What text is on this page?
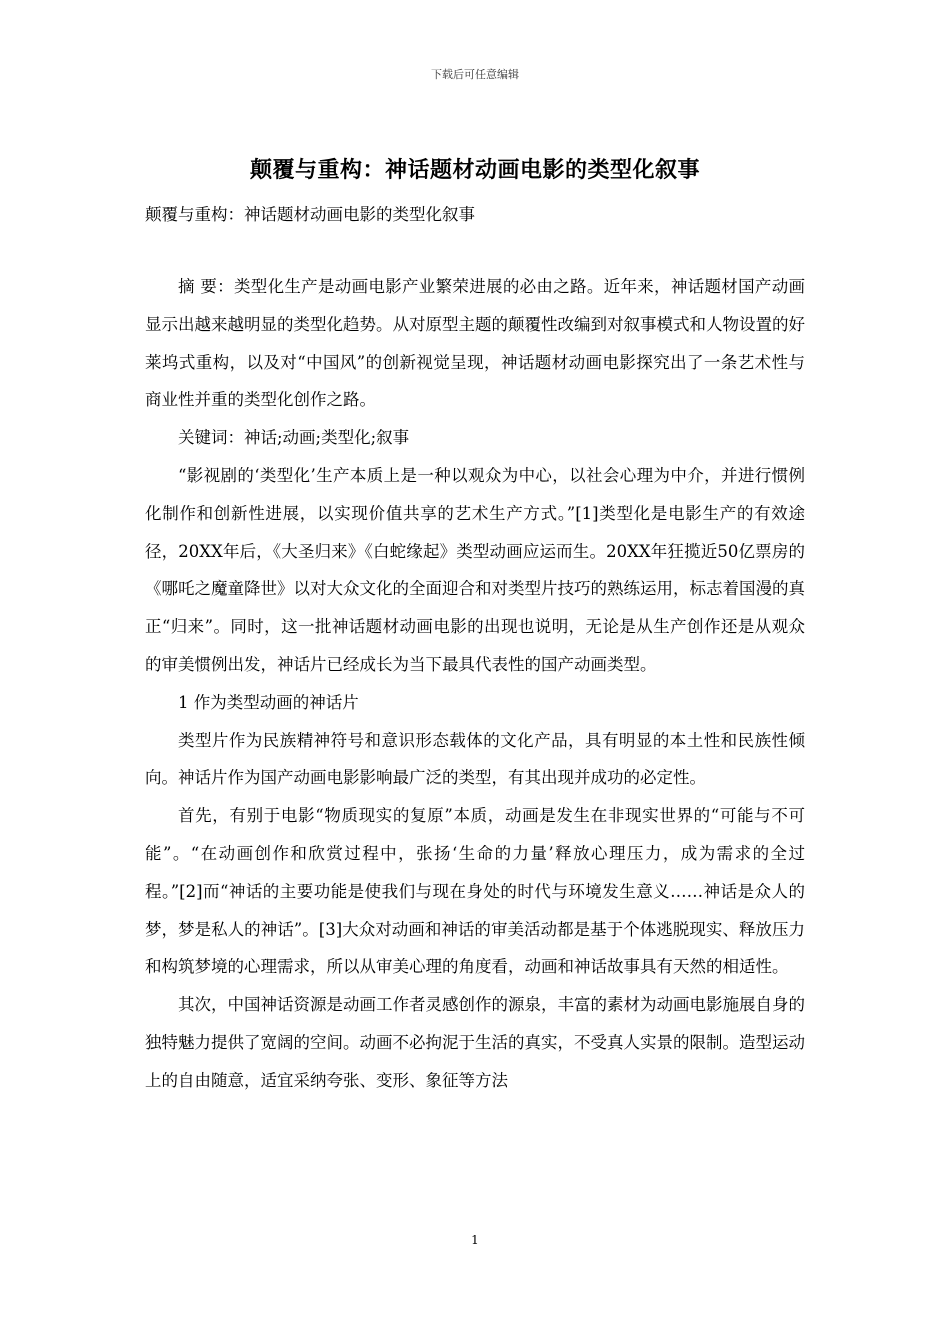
下载后可任意编辑
颠覆与重构：神话题材动画电影的类型化叙事
颠覆与重构：神话题材动画电影的类型化叙事

摘 要：类型化生产是动画电影产业繁荣进展的必由之路。近年来，神话题材国产动画显示出越来越明显的类型化趋势。从对原型主题的颠覆性改编到对叙事模式和人物设置的好莱坞式重构，以及对“中国风”的创新视觉呈现，神话题材动画电影探究出了一条艺术性与商业性并重的类型化创作之路。

关键词：神话;动画;类型化;叙事

“影视剧的‘类型化’生产本质上是一种以观众为中心，以社会心理为中介，并进行惯例化制作和创新性进展，以实现价值共享的艺术生产方式。”[1]类型化是电影生产的有效途径，20XX年后，《大圣归来》《白蛇缘起》类型动画应运而生。20XX年狂揽近50亿票房的《哪吒之魔童降世》以对大众文化的全面迎合和对类型片技巧的熟练运用，标志着国漫的真正“归来”。同时，这一批神话题材动画电影的出现也说明，无论是从生产创作还是从观众的审美惯例出发，神话片已经成长为当下最具代表性的国产动画类型。

1 作为类型动画的神话片

类型片作为民族精神符号和意识形态载体的文化产品，具有明显的本土性和民族性倾向。神话片作为国产动画电影影响最广泛的类型，有其出现并成功的必定性。

首先，有别于电影“物质现实的复原”本质，动画是发生在非现实世界的“可能与不可能”。“在动画创作和欣赏过程中，张扬‘生命的力量’释放心理压力，成为需求的全过程。”[2]而“神话的主要功能是使我们与现在身处的时代与环境发生意义……神话是众人的梦，梦是私人的神话”。[3]大众对动画和神话的审美活动都是基于个体逃脱现实、释放压力和构筑梦境的心理需求，所以从审美心理的角度看，动画和神话故事具有天然的相适性。

其次，中国神话资源是动画工作者灵感创作的源泉，丰富的素材为动画电影施展自身的独特魅力提供了宽阔的空间。动画不必拘泥于生活的真实，不受真人实景的限制。造型运动上的自由随意，适宜采纳夸张、变形、象征等方法

1
